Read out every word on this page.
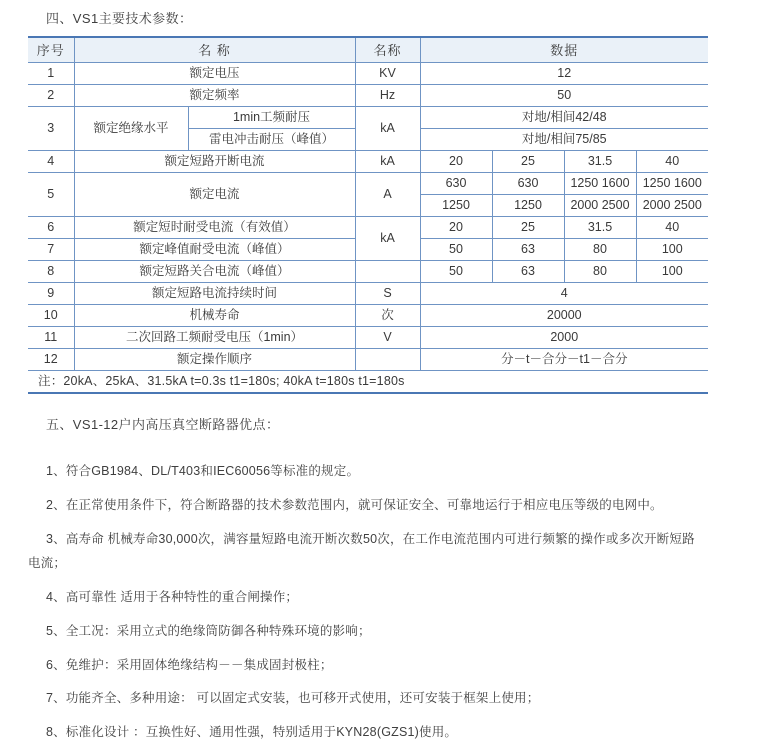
四、VS1主要技术参数：
序号	名 称		名称	数据			
1	额定电压		KV	12			
2	额定频率		Hz	50			
3	额定绝缘水平	1min工频耐压	kA	对地/相间42/48			
		雷电冲击耐压（峰值）		对地/相间75/85			
4	额定短路开断电流		kA	20	25	31.5	40
5	额定电流		A	630	630	1250 1600	1250 1600
				1250	1250	2000 2500	2000 2500
6	额定短时耐受电流（有效值）		kA	20	25	31.5	40
7	额定峰值耐受电流（峰值）			50	63	80	100
8	额定短路关合电流（峰值）			50	63	80	100
9	额定短路电流持续时间		S	4			
10	机械寿命		次	20000			
11	二次回路工频耐受电压（1min）		V	2000			
12	额定操作顺序			分－t－合分－t1－合分			
注：20kA、25kA、31.5kA t=0.3s t1=180s; 40kA t=180s t1=180s							
五、VS1-12户内高压真空断路器优点：
1、符合GB1984、DL/T403和IEC60056等标准的规定。
2、在正常使用条件下，符合断路器的技术参数范围内，就可保证安全、可靠地运行于相应电压等级的电网中。
3、高寿命 机械寿命30,000次，满容量短路电流开断次数50次，在工作电流范围内可进行频繁的操作或多次开断短路
电流；
4、高可靠性 适用于各种特性的重合闸操作；
5、全工况：采用立式的绝缘筒防御各种特殊环境的影响；
6、免维护：采用固体绝缘结构－－集成固封极柱；
7、功能齐全、多种用途： 可以固定式安装，也可移开式使用，还可安装于框架上使用；
8、标准化设计 ：互换性好、通用性强，特别适用于KYN28(GZS1)使用。
